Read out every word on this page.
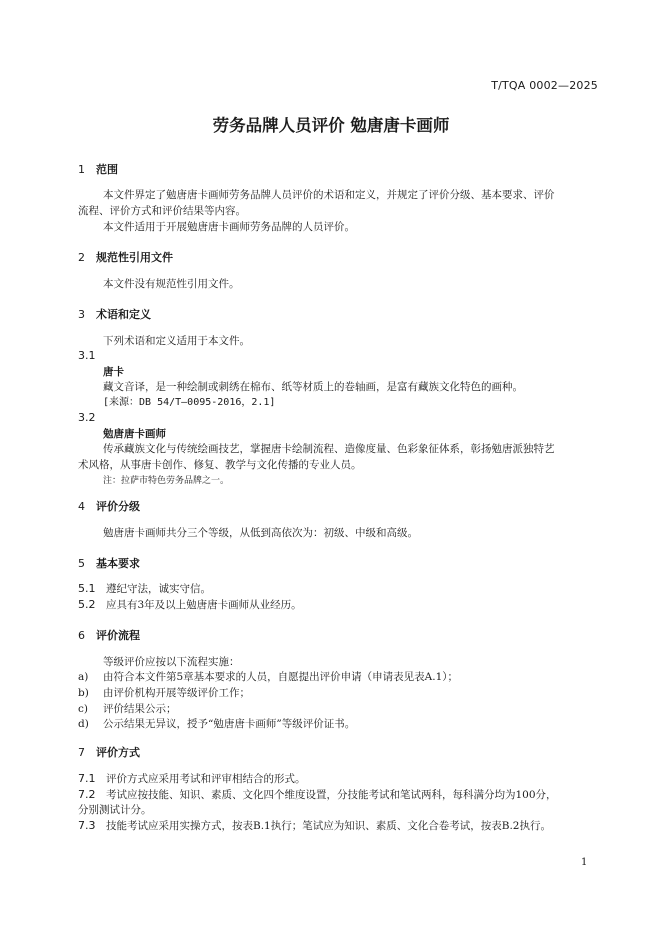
T/TQA 0002—2025
劳务品牌人员评价 勉唐唐卡画师
1 范围
本文件界定了勉唐唐卡画师劳务品牌人员评价的术语和定义，并规定了评价分级、基本要求、评价
流程、评价方式和评价结果等内容。
本文件适用于开展勉唐唐卡画师劳务品牌的人员评价。
2 规范性引用文件
本文件没有规范性引用文件。
3 术语和定义
下列术语和定义适用于本文件。
3.1
唐卡
藏文音译，是一种绘制或刺绣在棉布、纸等材质上的卷轴画，是富有藏族文化特色的画种。
[来源：DB 54/T—0095-2016，2.1]
3.2
勉唐唐卡画师
传承藏族文化与传统绘画技艺，掌握唐卡绘制流程、造像度量、色彩象征体系，彰扬勉唐派独特艺
术风格，从事唐卡创作、修复、教学与文化传播的专业人员。
注：拉萨市特色劳务品牌之一。
4 评价分级
勉唐唐卡画师共分三个等级，从低到高依次为：初级、中级和高级。
5 基本要求
5.1 遵纪守法，诚实守信。
5.2 应具有3年及以上勉唐唐卡画师从业经历。
6 评价流程
等级评价应按以下流程实施：
a) 由符合本文件第5章基本要求的人员，自愿提出评价申请（申请表见表A.1）；
b) 由评价机构开展等级评价工作；
c) 评价结果公示；
d) 公示结果无异议，授予“勉唐唐卡画师”等级评价证书。
7 评价方式
7.1 评价方式应采用考试和评审相结合的形式。
7.2 考试应按技能、知识、素质、文化四个维度设置，分技能考试和笔试两科，每科满分均为100分，
分别测试计分。
7.3 技能考试应采用实操方式，按表B.1执行；笔试应为知识、素质、文化合卷考试，按表B.2执行。
1
